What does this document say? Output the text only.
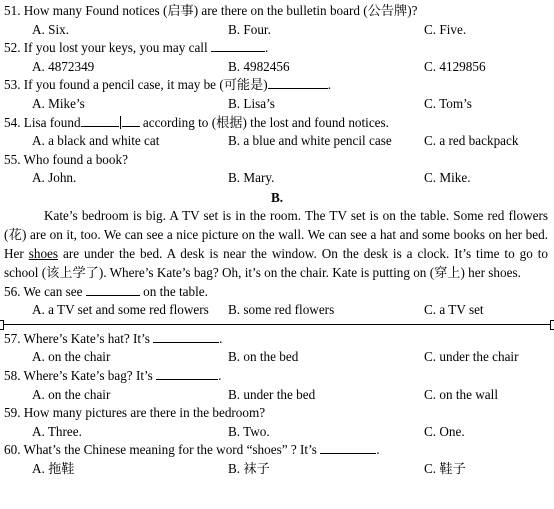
51. How many Found notices (启事) are there on the bulletin board (公告牌)?
A. Six.	B. Four.	C. Five.
52. If you lost your keys, you may call	.
A. 4872349	B. 4982456	C. 4129856
53. If you found a pencil case, it may be (可能是)	.
A. Mike’s	B. Lisa’s	C. Tom’s
54. Lisa found	according to (根据) the lost and found notices.
A. a black and white cat	B. a blue and white pencil case C. a red backpack
55. Who found a book?
A. John.	B. Mary.	C. Mike.
B.

Kate’s bedroom is big. A TV set is in the room. The TV set is on the table. Some red flowers (花) are on it, too. We can see a nice picture on the wall. We can see a hat and some books on her bed. Her shoes are under the bed. A desk is near the window. On the desk is a clock. It’s time to go to school (该上学了). Where’s Kate’s bag? Oh, it’s on the chair. Kate is putting on (穿上) her shoes.

56. We can see	on the table.
A. a TV set and some red flowers B. some red flowers	C. a TV set
57. Where’s Kate’s hat? It’s	.
A. on the chair	B. on the bed	C. under the chair
58. Where’s Kate’s bag? It’s	.
A. on the chair	B. under the bed	C. on the wall
59. How many pictures are there in the bedroom?
A. Three.	B. Two.	C. One.
60. What’s the Chinese meaning for the word “shoes” ? It’s	.
A. 拖鞋	B. 袜子	C. 鞋子
